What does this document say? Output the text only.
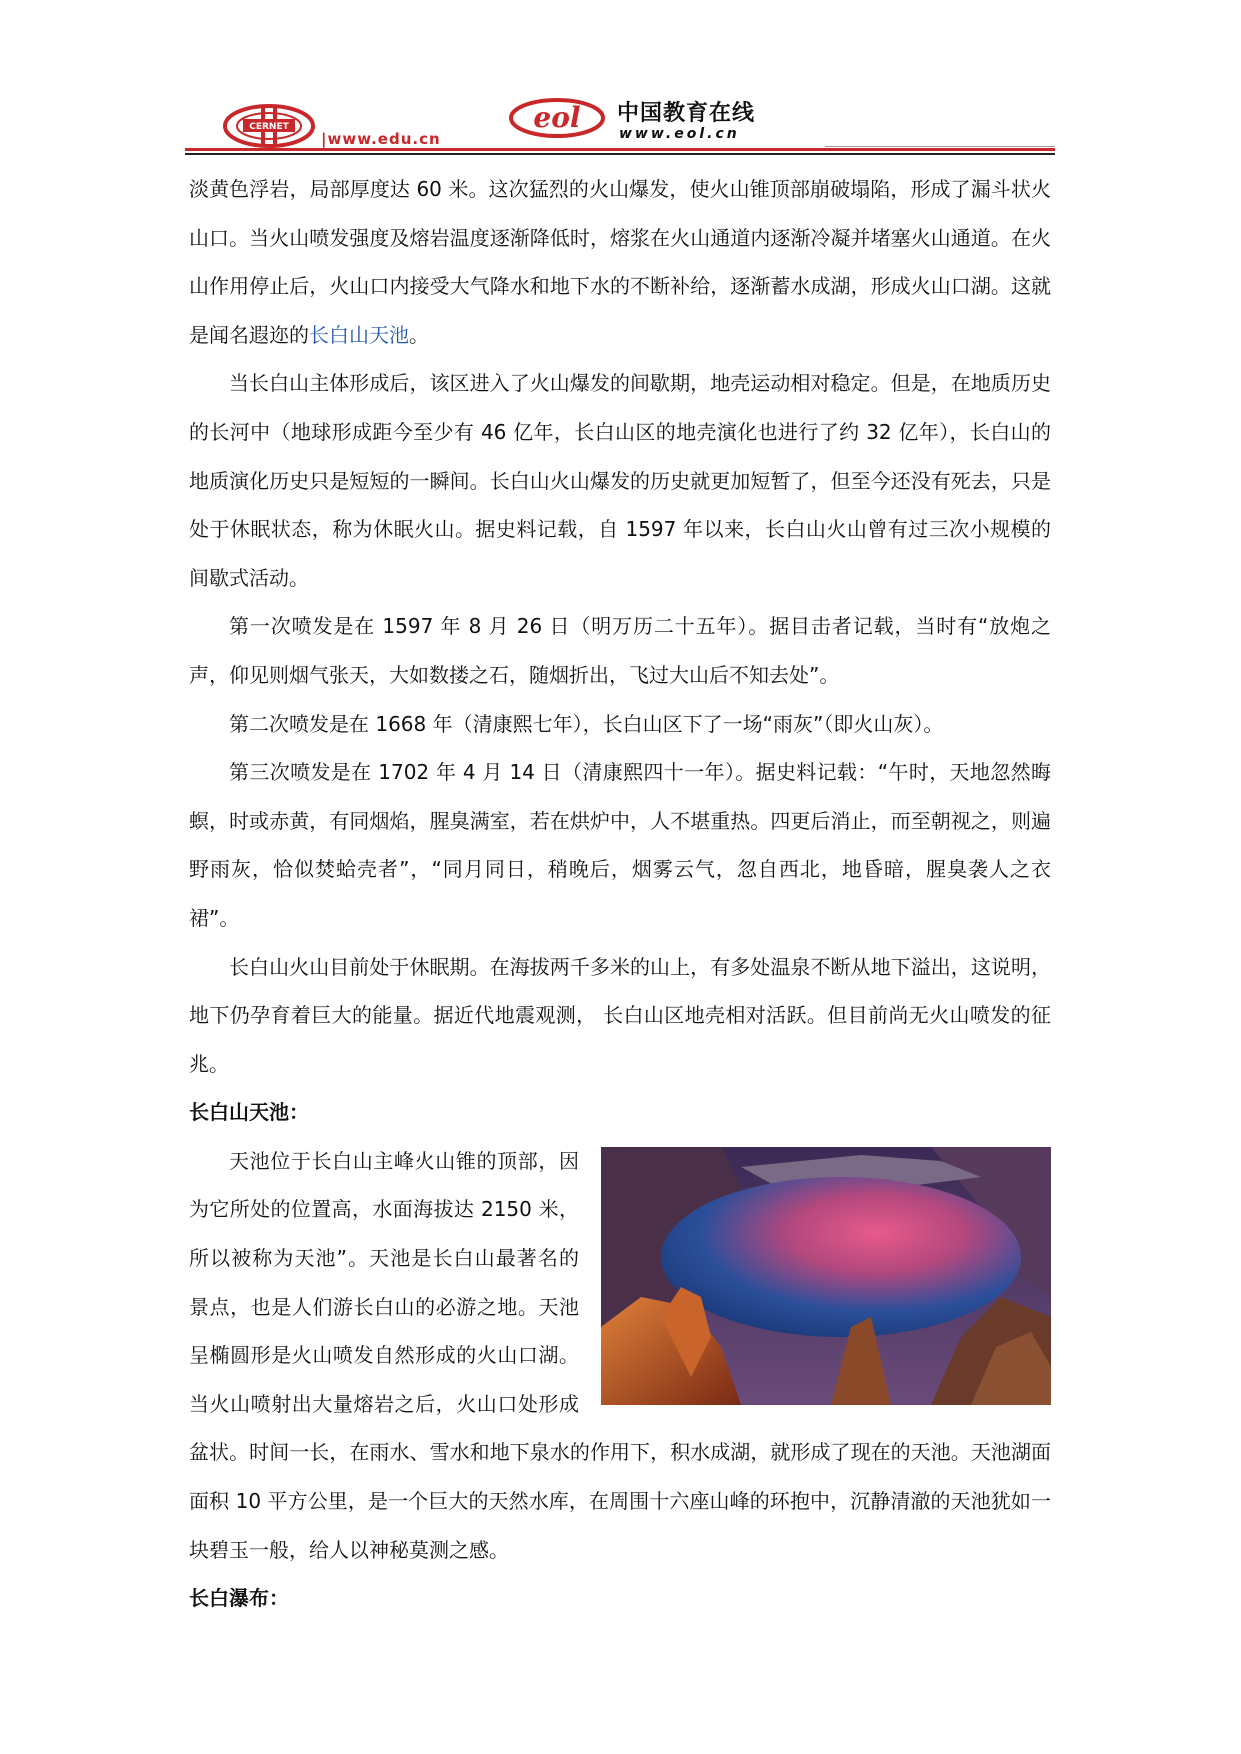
CERNET
|www.edu.cn
eol 中国教育在线
www.eol.cn

淡黄色浮岩，局部厚度达 60 米。这次猛烈的火山爆发，使火山锥顶部崩破塌陷，形成了漏斗状火山口。当火山喷发强度及熔岩温度逐渐降低时，熔浆在火山通道内逐渐冷凝并堵塞火山通道。在火山作用停止后，火山口内接受大气降水和地下水的不断补给，逐渐蓄水成湖，形成火山口湖。这就是闻名遐迩的长白山天池。

当长白山主体形成后，该区进入了火山爆发的间歇期，地壳运动相对稳定。但是，在地质历史的长河中（地球形成距今至少有 46 亿年，长白山区的地壳演化也进行了约 32 亿年），长白山的地质演化历史只是短短的一瞬间。长白山火山爆发的历史就更加短暂了，但至今还没有死去，只是处于休眠状态，称为休眠火山。据史料记载，自 1597 年以来，长白山火山曾有过三次小规模的间歇式活动。

第一次喷发是在 1597 年 8 月 26 日（明万历二十五年）。据目击者记载，当时有“放炮之声，仰见则烟气张天，大如数搂之石，随烟折出，飞过大山后不知去处”。

第二次喷发是在 1668 年（清康熙七年），长白山区下了一场“雨灰”（即火山灰）。

第三次喷发是在 1702 年 4 月 14 日（清康熙四十一年）。据史料记载：“午时，天地忽然晦螟，时或赤黄，有同烟焰，腥臭满室，若在烘炉中，人不堪重热。四更后消止，而至朝视之，则遍野雨灰，恰似焚蛤壳者”，“同月同日，稍晚后，烟雾云气，忽自西北，地昏暗，腥臭袭人之衣裙”。

长白山火山目前处于休眠期。在海拔两千多米的山上，有多处温泉不断从地下溢出，这说明，地下仍孕育着巨大的能量。据近代地震观测， 长白山区地壳相对活跃。但目前尚无火山喷发的征兆。

长白山天池：

天池位于长白山主峰火山锥的顶部，因为它所处的位置高，水面海拔达 2150 米，所以被称为天池”。天池是长白山最著名的景点，也是人们游长白山的必游之地。天池呈椭圆形是火山喷发自然形成的火山口湖。当火山喷射出大量熔岩之后，火山口处形成盆状。时间一长，在雨水、雪水和地下泉水的作用下，积水成湖，就形成了现在的天池。天池湖面面积 10 平方公里，是一个巨大的天然水库，在周围十六座山峰的环抱中，沉静清澈的天池犹如一块碧玉一般，给人以神秘莫测之感。

长白瀑布：
